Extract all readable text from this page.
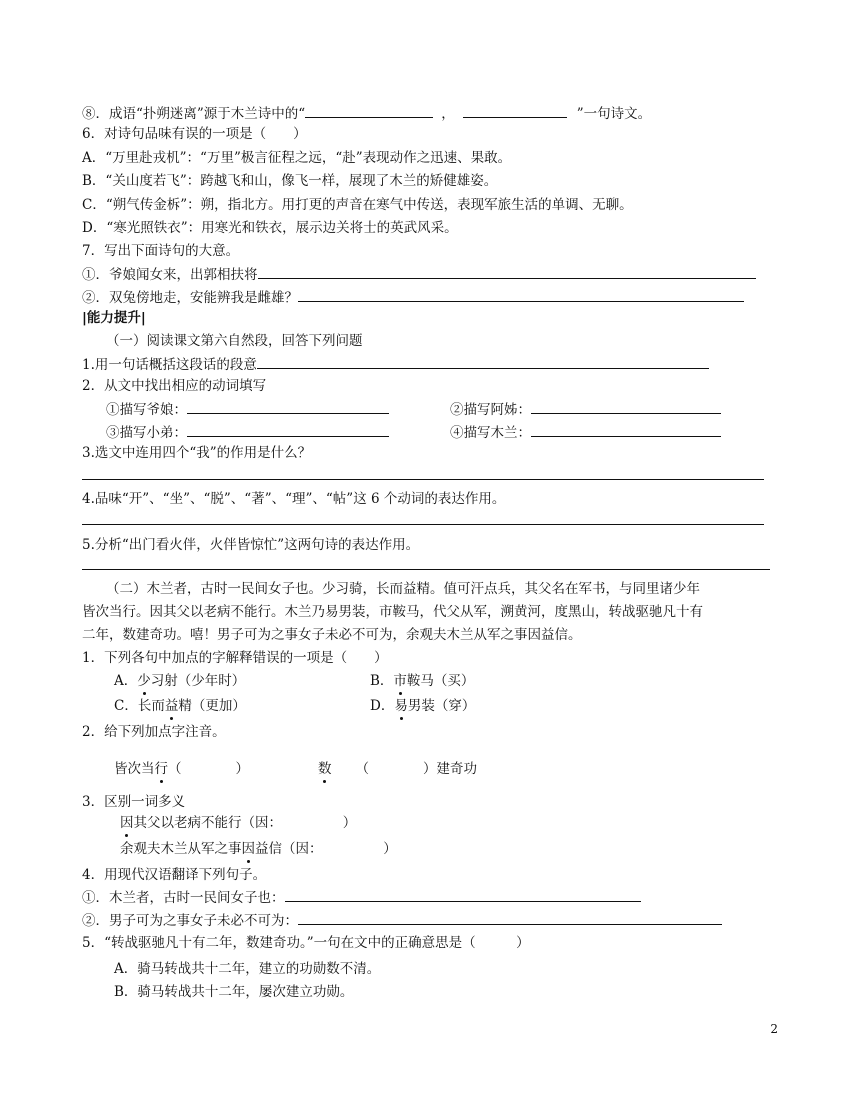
⑧．成语“扑朔迷离”源于木兰诗中的“	，	”一句诗文。
6．对诗句品味有误的一项是（　　）
A．“万里赴戎机”：“万里”极言征程之远，“赴”表现动作之迅速、果敢。
B．“关山度若飞”：跨越飞和山，像飞一样，展现了木兰的矫健雄姿。
C．“朔气传金柝”：朔，指北方。用打更的声音在寒气中传送，表现军旅生活的单调、无聊。
D．“寒光照铁衣”：用寒光和铁衣，展示边关将士的英武风采。
7．写出下面诗句的大意。
①．爷娘闻女来，出郭相扶将
②．双兔傍地走，安能辨我是雌雄？
|能力提升|
（一）阅读课文第六自然段，回答下列问题
1.用一句话概括这段话的段意
2．从文中找出相应的动词填写
①描写爷娘：	②描写阿姊：
③描写小弟：	④描写木兰：
3.选文中连用四个“我”的作用是什么？
4.品味“开”、“坐”、“脱”、“著”、“理”、“帖”这 6 个动词的表达作用。
5.分析“出门看火伴，火伴皆惊忙”这两句诗的表达作用。
（二）木兰者，古时一民间女子也。少习骑，长而益精。值可汗点兵，其父名在军书，与同里诸少年
皆次当行。因其父以老病不能行。木兰乃易男装，市鞍马，代父从军，溯黄河，度黑山，转战驱驰凡十有
二年，数建奇功。嘻！男子可为之事女子未必不可为，余观夫木兰从军之事因益信。
1．下列各句中加点的字解释错误的一项是（　　）
A．少习射（少年时）	B．市鞍马（买）
C．长而益精（更加）	D．易男装（穿）
2．给下列加点字注音。
皆次当行（　　　　）	数 （　　　　）建奇功
3．区别一词多义
因其父以老病不能行（因：　　　　　）
余观夫木兰从军之事因益信（因：　　　　　）
4．用现代汉语翻译下列句子。
①．木兰者，古时一民间女子也：
②．男子可为之事女子未必不可为：
5．“转战驱驰凡十有二年，数建奇功。”一句在文中的正确意思是（　　　）
A．骑马转战共十二年，建立的功勋数不清。
B．骑马转战共十二年，屡次建立功勋。
2
